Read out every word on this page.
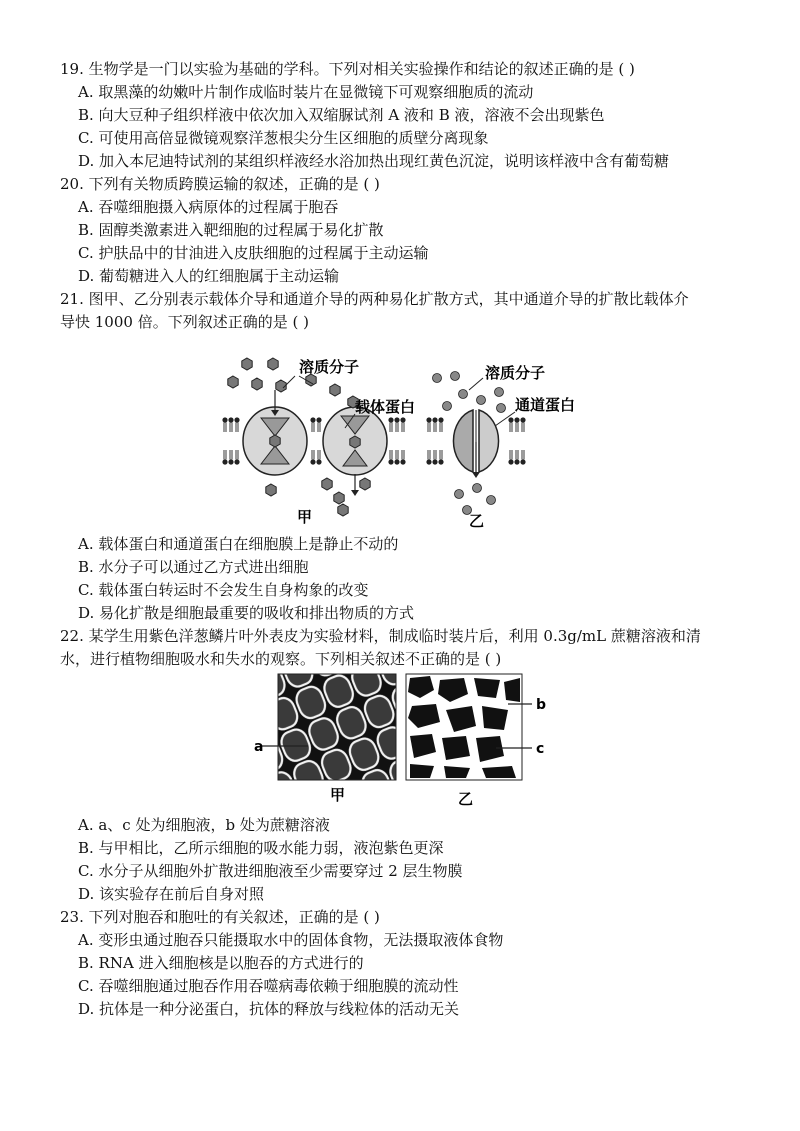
19. 生物学是一门以实验为基础的学科。下列对相关实验操作和结论的叙述正确的是 ( )
A. 取黑藻的幼嫩叶片制作成临时装片在显微镜下可观察细胞质的流动
B. 向大豆种子组织样液中依次加入双缩脲试剂 A 液和 B 液，溶液不会出现紫色
C. 可使用高倍显微镜观察洋葱根尖分生区细胞的质壁分离现象
D. 加入本尼迪特试剂的某组织样液经水浴加热出现红黄色沉淀，说明该样液中含有葡萄糖
20. 下列有关物质跨膜运输的叙述，正确的是 ( )
A. 吞噬细胞摄入病原体的过程属于胞吞
B. 固醇类激素进入靶细胞的过程属于易化扩散
C. 护肤品中的甘油进入皮肤细胞的过程属于主动运输
D. 葡萄糖进入人的红细胞属于主动运输
21. 图甲、乙分别表示载体介导和通道介导的两种易化扩散方式，其中通道介导的扩散比载体介
导快 1000 倍。下列叙述正确的是 ( )
溶质分子
载体蛋白
甲
溶质分子
通道蛋白
乙
A. 载体蛋白和通道蛋白在细胞膜上是静止不动的
B. 水分子可以通过乙方式进出细胞
C. 载体蛋白转运时不会发生自身构象的改变
D. 易化扩散是细胞最重要的吸收和排出物质的方式
22. 某学生用紫色洋葱鳞片叶外表皮为实验材料，制成临时装片后，利用 0.3g/mL 蔗糖溶液和清
水，进行植物细胞吸水和失水的观察。下列相关叙述不正确的是 ( )
a
甲
b
c
乙
A. a、c 处为细胞液，b 处为蔗糖溶液
B. 与甲相比，乙所示细胞的吸水能力弱，液泡紫色更深
C. 水分子从细胞外扩散进细胞液至少需要穿过 2 层生物膜
D. 该实验存在前后自身对照
23. 下列对胞吞和胞吐的有关叙述，正确的是 ( )
A. 变形虫通过胞吞只能摄取水中的固体食物，无法摄取液体食物
B. RNA 进入细胞核是以胞吞的方式进行的
C. 吞噬细胞通过胞吞作用吞噬病毒依赖于细胞膜的流动性
D. 抗体是一种分泌蛋白，抗体的释放与线粒体的活动无关
